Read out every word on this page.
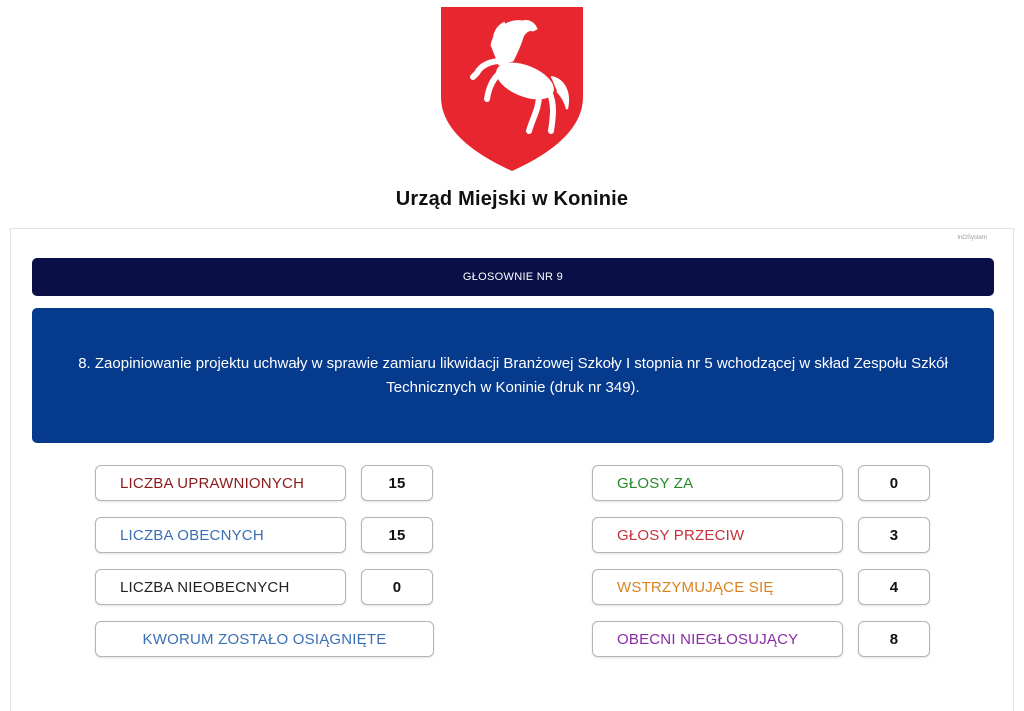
Urząd Miejski w Koninie
InOSystem
GŁOSOWNIE NR 9
8. Zaopiniowanie projektu uchwały w sprawie zamiaru likwidacji Branżowej Szkoły I stopnia nr 5 wchodzącej w skład Zespołu Szkół Technicznych w Koninie (druk nr 349).
LICZBA UPRAWNIONYCH	15
LICZBA OBECNYCH	15
LICZBA NIEOBECNYCH	0
KWORUM ZOSTAŁO OSIĄGNIĘTE
GŁOSY ZA	0
GŁOSY PRZECIW	3
WSTRZYMUJĄCE SIĘ	4
OBECNI NIEGŁOSUJĄCY	8
